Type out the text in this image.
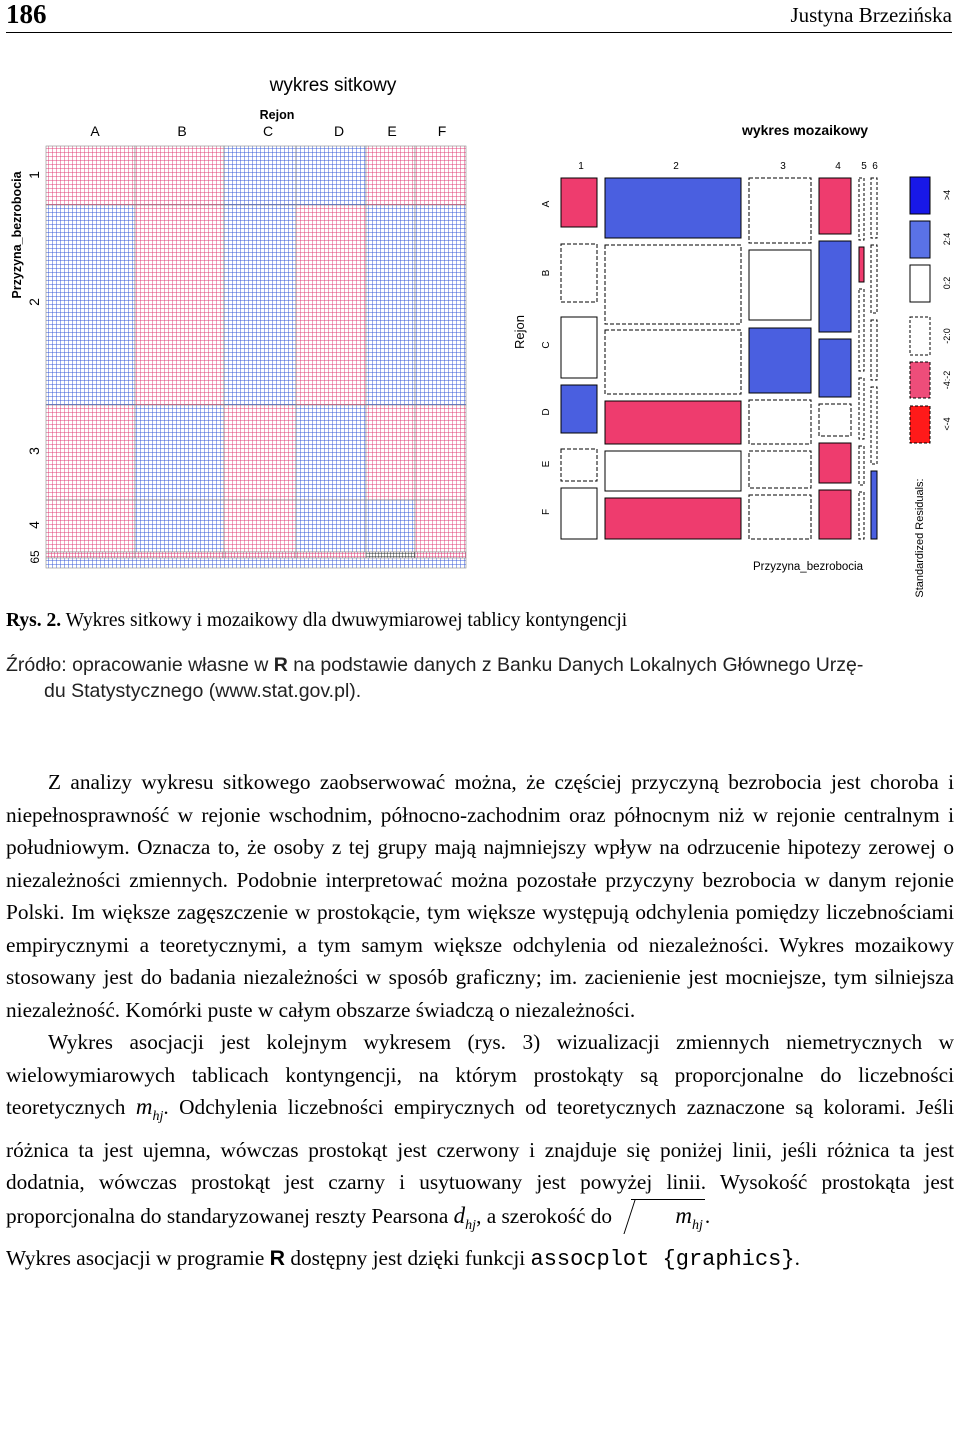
186	Justyna Brzezińska
wykres sitkowy
Rejon
A	B	C	D	E	F
Przyzyna_bezrobocia 1
2
3
4
65
wykres mozaikowy
1	2	3	4 5 6
Rejon
A
B
C
D
E
F
Przyzyna_bezrobocia
>4
2:4
0:2
-2:0
-4:-2
<-4
Standardized Residuals:
Rys. 2. Wykres sitkowy i mozaikowy dla dwuwymiarowej tablicy kontyngencji
Źródło: opracowanie własne w R na podstawie danych z Banku Danych Lokalnych Głównego Urzę-
du Statystycznego (www.stat.gov.pl).

Z analizy wykresu sitkowego zaobserwować można, że częściej przyczyną bezrobocia jest choroba i niepełnosprawność w rejonie wschodnim, północno-zachodnim oraz północnym niż w rejonie centralnym i południowym. Oznacza to, że osoby z tej grupy mają najmniejszy wpływ na odrzucenie hipotezy zerowej o niezależności zmiennych. Podobnie interpretować można pozostałe przyczyny bezrobocia w danym rejonie Polski. Im większe zagęszczenie w prostokącie, tym większe występują odchylenia pomiędzy liczebnościami empirycznymi a teoretycznymi, a tym samym większe odchylenia od niezależności. Wykres mozaikowy stosowany jest do badania niezależności w sposób graficzny; im. zacienienie jest mocniejsze, tym silniejsza niezależność. Komórki puste w całym obszarze świadczą o niezależności.

Wykres asocjacji jest kolejnym wykresem (rys. 3) wizualizacji zmiennych niemetrycznych w wielowymiarowych tablicach kontyngencji, na którym prostokąty są proporcjonalne do liczebności teoretycznych $m_{hj}$. Odchylenia liczebności empirycznych od teoretycznych zaznaczone są kolorami. Jeśli różnica ta jest ujemna, wówczas prostokąt jest czerwony i znajduje się poniżej linii, jeśli różnica ta jest dodatnia, wówczas prostokąt jest czarny i usytuowany jest powyżej linii. Wysokość prostokąta jest proporcjonalna do standaryzowanej reszty Pearsona $d_{hj}$, a szerokość do	$m_{hj}$.

Wykres asocjacji w programie R dostępny jest dzięki funkcji assocplot {graphics}.
